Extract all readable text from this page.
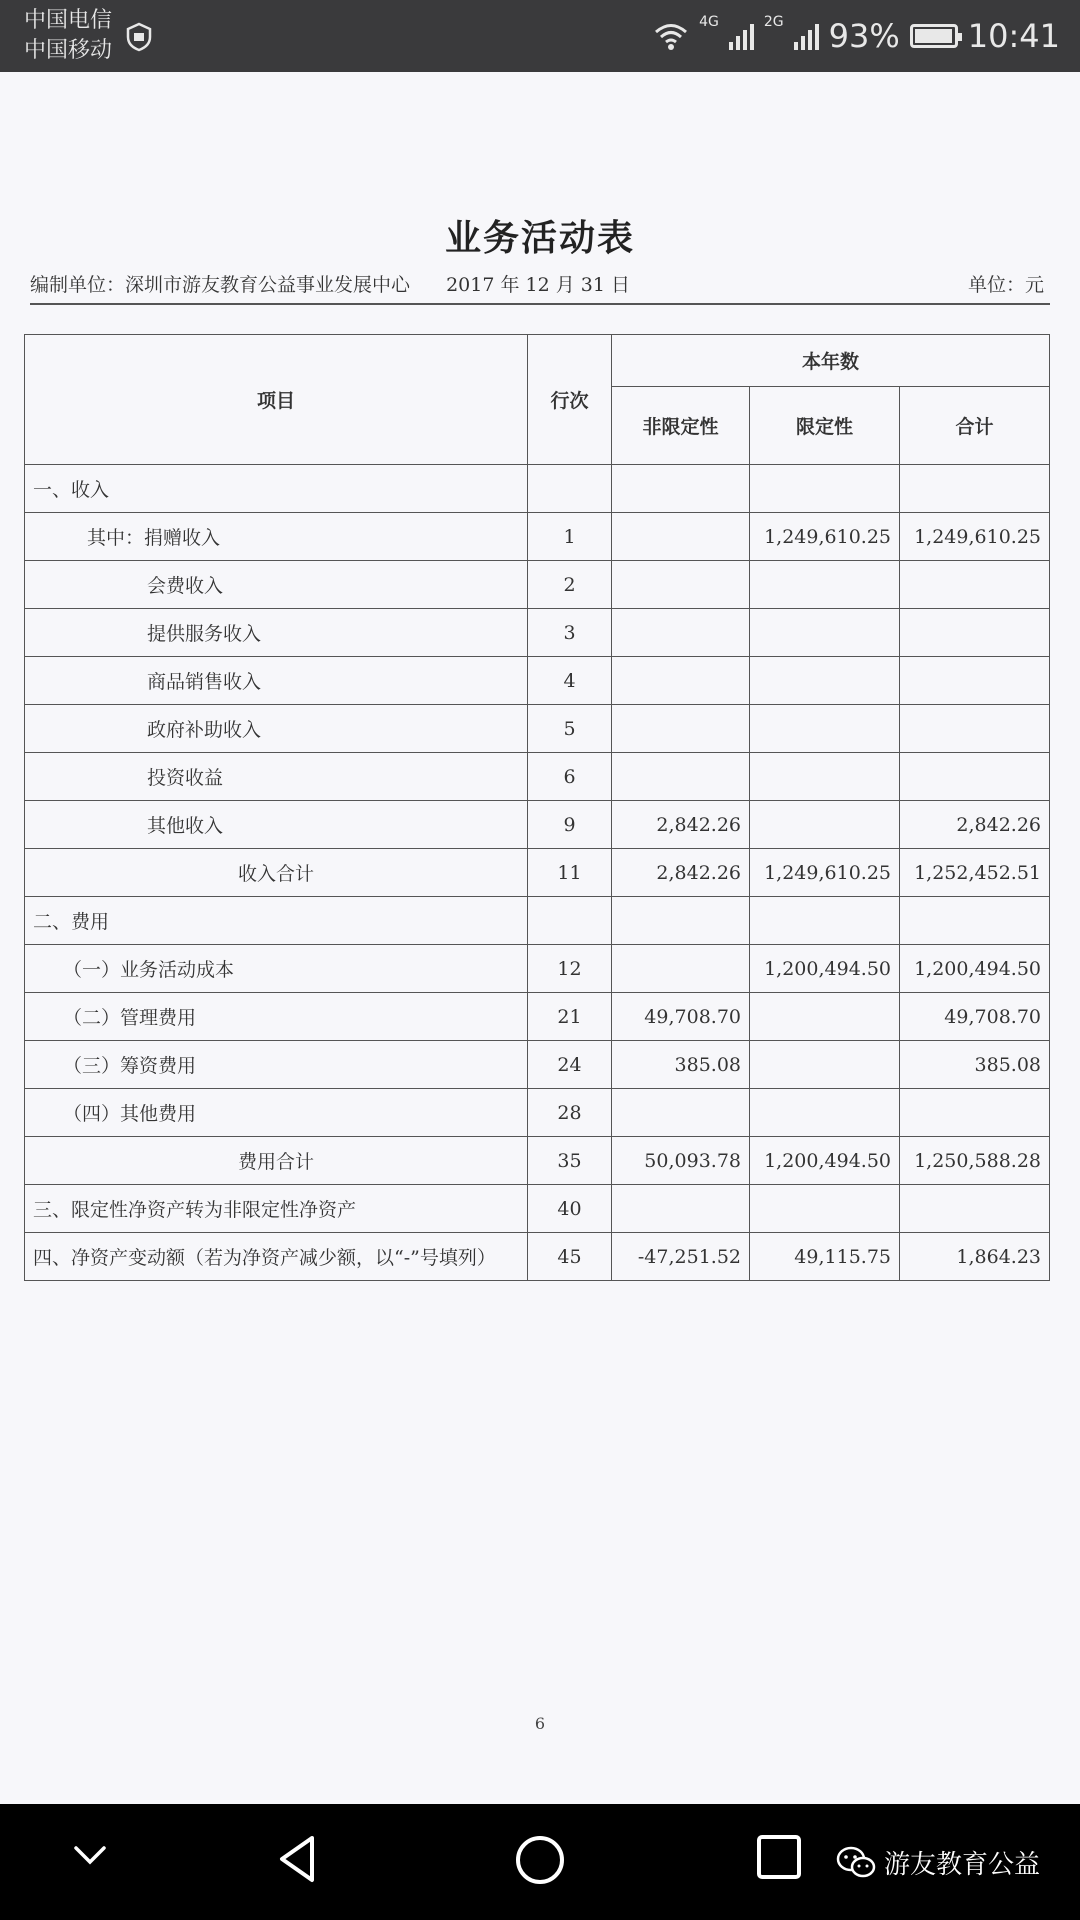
中国电信
中国移动
4G	2G 93% 10:41
业务活动表
编制单位：深圳市游友教育公益事业发展中心 2017 年 12 月 31 日	单位：元
项目	行次	本年数		
		非限定性	限定性	合计
一、收入				
其中：捐赠收入	1		1,249,610.25	1,249,610.25
会费收入	2			
提供服务收入	3			
商品销售收入	4			
政府补助收入	5			
投资收益	6			
其他收入	9	2,842.26		2,842.26
收入合计	11	2,842.26	1,249,610.25	1,252,452.51
二、费用				
（一）业务活动成本	12		1,200,494.50	1,200,494.50
（二）管理费用	21	49,708.70		49,708.70
（三）筹资费用	24	385.08		385.08
（四）其他费用	28			
费用合计	35	50,093.78	1,200,494.50	1,250,588.28
三、限定性净资产转为非限定性净资产	40			
四、净资产变动额（若为净资产减少额，以“-”号填列）	45	-47,251.52	49,115.75	1,864.23
6
游友教育公益
